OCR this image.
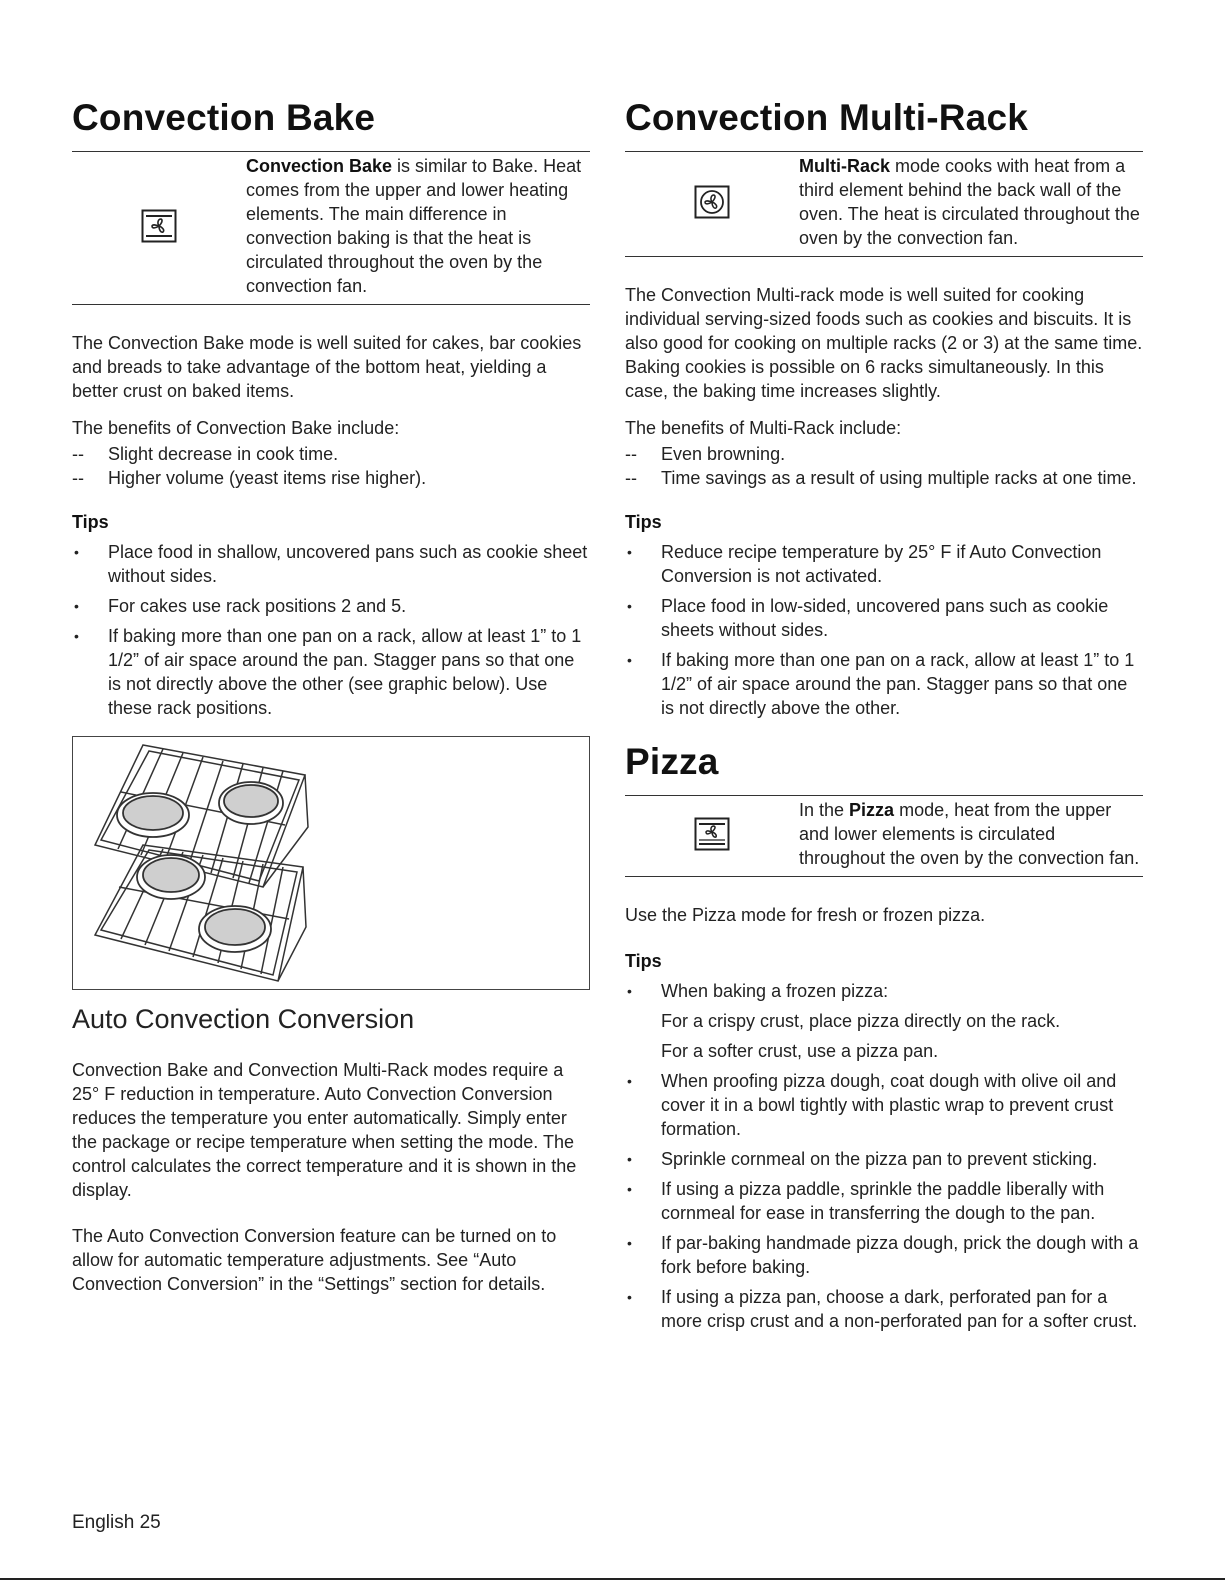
Convection Bake
Convection Bake is similar to Bake. Heat comes from the upper and lower heating elements. The main difference in convection baking is that the heat is circulated throughout the oven by the convection fan.

The Convection Bake mode is well suited for cakes, bar cookies and breads to take advantage of the bottom heat, yielding a better crust on baked items.

The benefits of Convection Bake include:

-- Slight decrease in cook time.
-- Higher volume (yeast items rise higher).
Tips
• Place food in shallow, uncovered pans such as cookie sheet without sides.
• For cakes use rack positions 2 and 5.
• If baking more than one pan on a rack, allow at least 1” to 1 1/2” of air space around the pan. Stagger pans so that one is not directly above the other (see graphic below). Use these rack positions.
Auto Convection Conversion

Convection Bake and Convection Multi-Rack modes require a 25° F reduction in temperature. Auto Convection Conversion reduces the temperature you enter automatically. Simply enter the package or recipe temperature when setting the mode. The control calculates the correct temperature and it is shown in the display.

The Auto Convection Conversion feature can be turned on to allow for automatic temperature adjustments. See “Auto Convection Conversion” in the “Settings” section for details.

Convection Multi-Rack
Multi-Rack mode cooks with heat from a third element behind the back wall of the oven. The heat is circulated throughout the oven by the convection fan.

The Convection Multi-rack mode is well suited for cooking individual serving-sized foods such as cookies and biscuits. It is also good for cooking on multiple racks (2 or 3) at the same time. Baking cookies is possible on 6 racks simultaneously. In this case, the baking time increases slightly.

The benefits of Multi-Rack include:

-- Even browning.
-- Time savings as a result of using multiple racks at one time.
Tips
• Reduce recipe temperature by 25° F if Auto Convection Conversion is not activated.
• Place food in low-sided, uncovered pans such as cookie sheets without sides.
• If baking more than one pan on a rack, allow at least 1” to 1 1/2” of air space around the pan. Stagger pans so that one is not directly above the other.
Pizza
In the Pizza mode, heat from the upper and lower elements is circulated throughout the oven by the convection fan.

Use the Pizza mode for fresh or frozen pizza.

Tips
• When baking a frozen pizza:
For a crispy crust, place pizza directly on the rack.
For a softer crust, use a pizza pan.
• When proofing pizza dough, coat dough with olive oil and cover it in a bowl tightly with plastic wrap to prevent crust formation.
• Sprinkle cornmeal on the pizza pan to prevent sticking.
• If using a pizza paddle, sprinkle the paddle liberally with cornmeal for ease in transferring the dough to the pan.
• If par-baking handmade pizza dough, prick the dough with a fork before baking.
• If using a pizza pan, choose a dark, perforated pan for a more crisp crust and a non-perforated pan for a softer crust.
English 25
